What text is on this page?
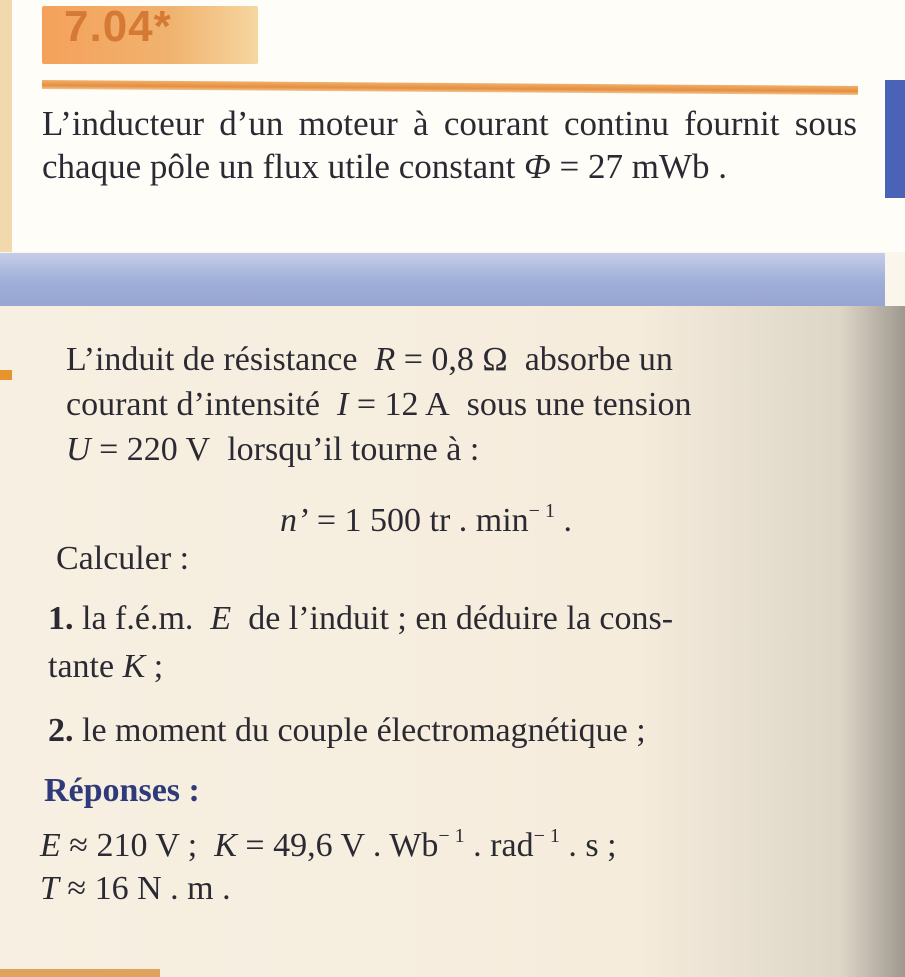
7.04*

L’inducteur d’un moteur à courant continu fournit sous chaque pôle un flux utile constant Φ = 27 mWb .

L’induit de résistance R = 0,8 Ω absorbe un
courant d’intensité I = 12 A sous une tension
U = 220 V lorsqu’il tourne à :
n’ = 1 500 tr . $\min^{- 1}$ .
Calculer :
1. la f.é.m. E de l’induit ; en déduire la cons-
tante K ;
2. le moment du couple électromagnétique ;
Réponses :
E ≈ 210 V ; K = 49,6 V . $Wb^{- 1}$ . rad$^{- 1}$ . s ;
T ≈ 16 N . m .
